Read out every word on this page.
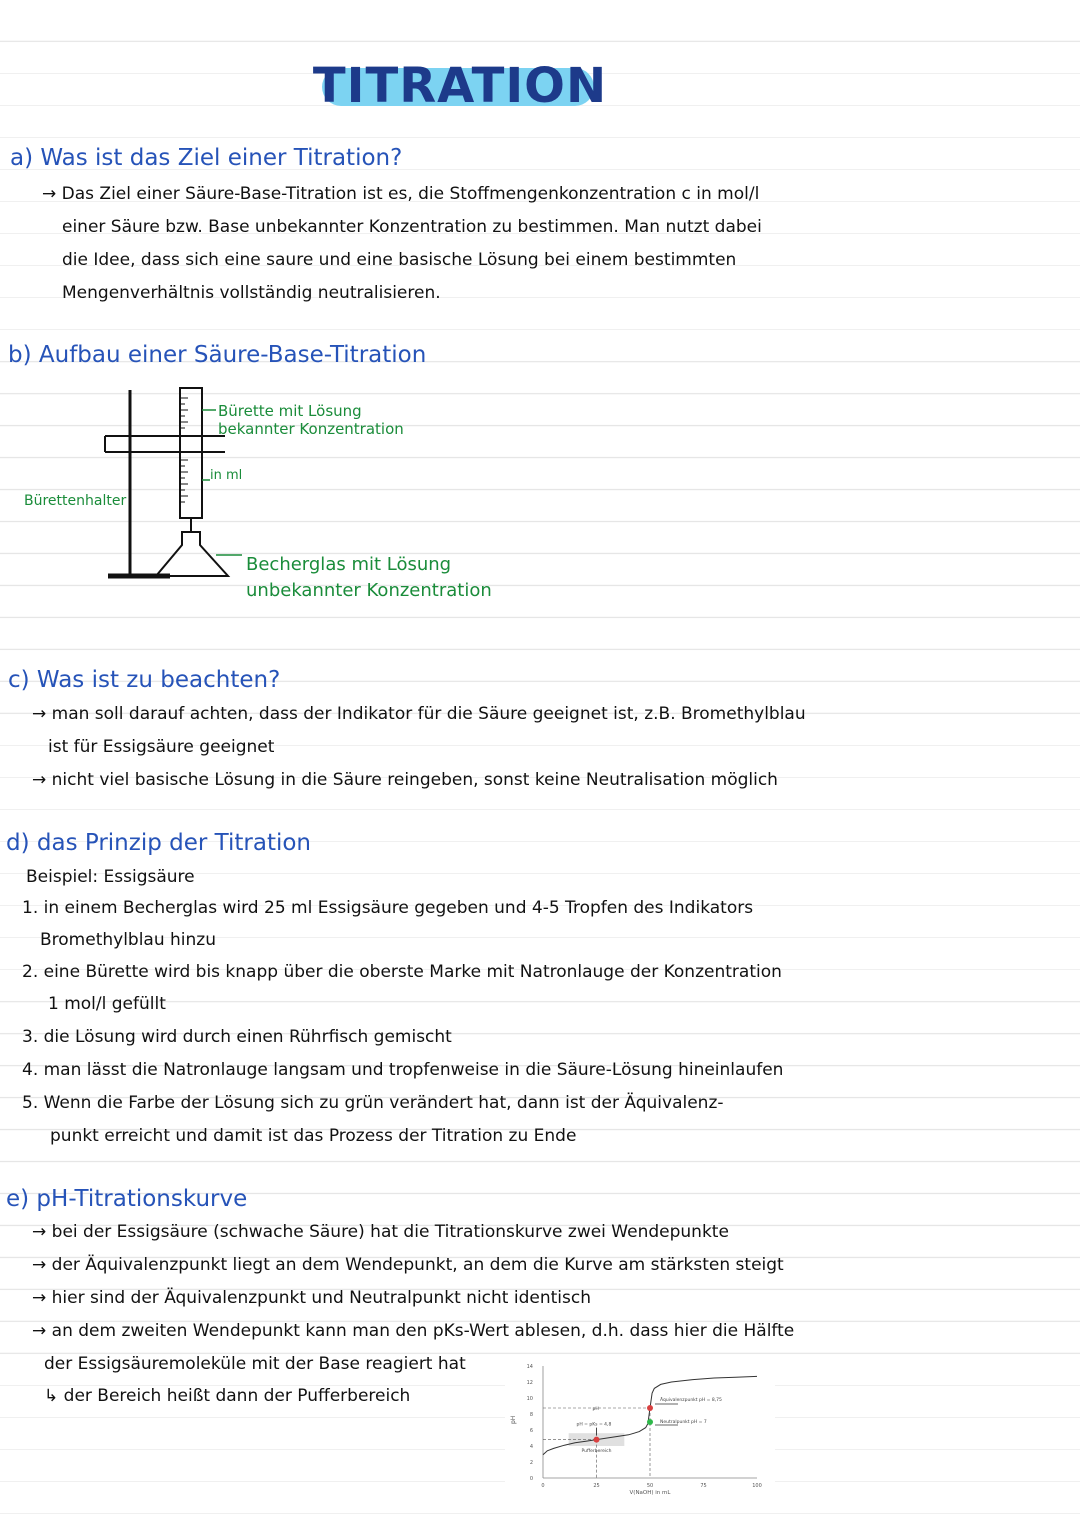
TITRATION
a) Was ist das Ziel einer Titration?
→ Das Ziel einer Säure-Base-Titration ist es, die Stoffmengenkonzentration c in mol/l
einer Säure bzw. Base unbekannter Konzentration zu bestimmen. Man nutzt dabei
die Idee, dass sich eine saure und eine basische Lösung bei einem bestimmten
Mengenverhältnis vollständig neutralisieren.
b) Aufbau einer Säure-Base-Titration
Bürette mit Lösung
bekannter Konzentration
in ml
Bürettenhalter
Becherglas mit Lösung
unbekannter Konzentration
c) Was ist zu beachten?
→ man soll darauf achten, dass der Indikator für die Säure geeignet ist, z.B. Bromethylblau
ist für Essigsäure geeignet
→ nicht viel basische Lösung in die Säure reingeben, sonst keine Neutralisation möglich
d) das Prinzip der Titration
Beispiel: Essigsäure
1. in einem Becherglas wird 25 ml Essigsäure gegeben und 4-5 Tropfen des Indikators
Bromethylblau hinzu
2. eine Bürette wird bis knapp über die oberste Marke mit Natronlauge der Konzentration
1 mol/l gefüllt
3. die Lösung wird durch einen Rührfisch gemischt
4. man lässt die Natronlauge langsam und tropfenweise in die Säure-Lösung hineinlaufen
5. Wenn die Farbe der Lösung sich zu grün verändert hat, dann ist der Äquivalenz-
punkt erreicht und damit ist das Prozess der Titration zu Ende
e) pH-Titrationskurve
→ bei der Essigsäure (schwache Säure) hat die Titrationskurve zwei Wendepunkte
→ der Äquivalenzpunkt liegt an dem Wendepunkt, an dem die Kurve am stärksten steigt
→ hier sind der Äquivalenzpunkt und Neutralpunkt nicht identisch
→ an dem zweiten Wendepunkt kann man den pKs-Wert ablesen, d.h. dass hier die Hälfte
der Essigsäuremoleküle mit der Base reagiert hat
↳ der Bereich heißt dann der Pufferbereich
pH
V(NaOH) in mL
0
2
4
6
8
10
12
14
0	25	50	75	100
Pufferbereich
Äquivalenzpunkt pH = 8,75
Neutralpunkt pH = 7
pH
pH = pKs = 4,8
